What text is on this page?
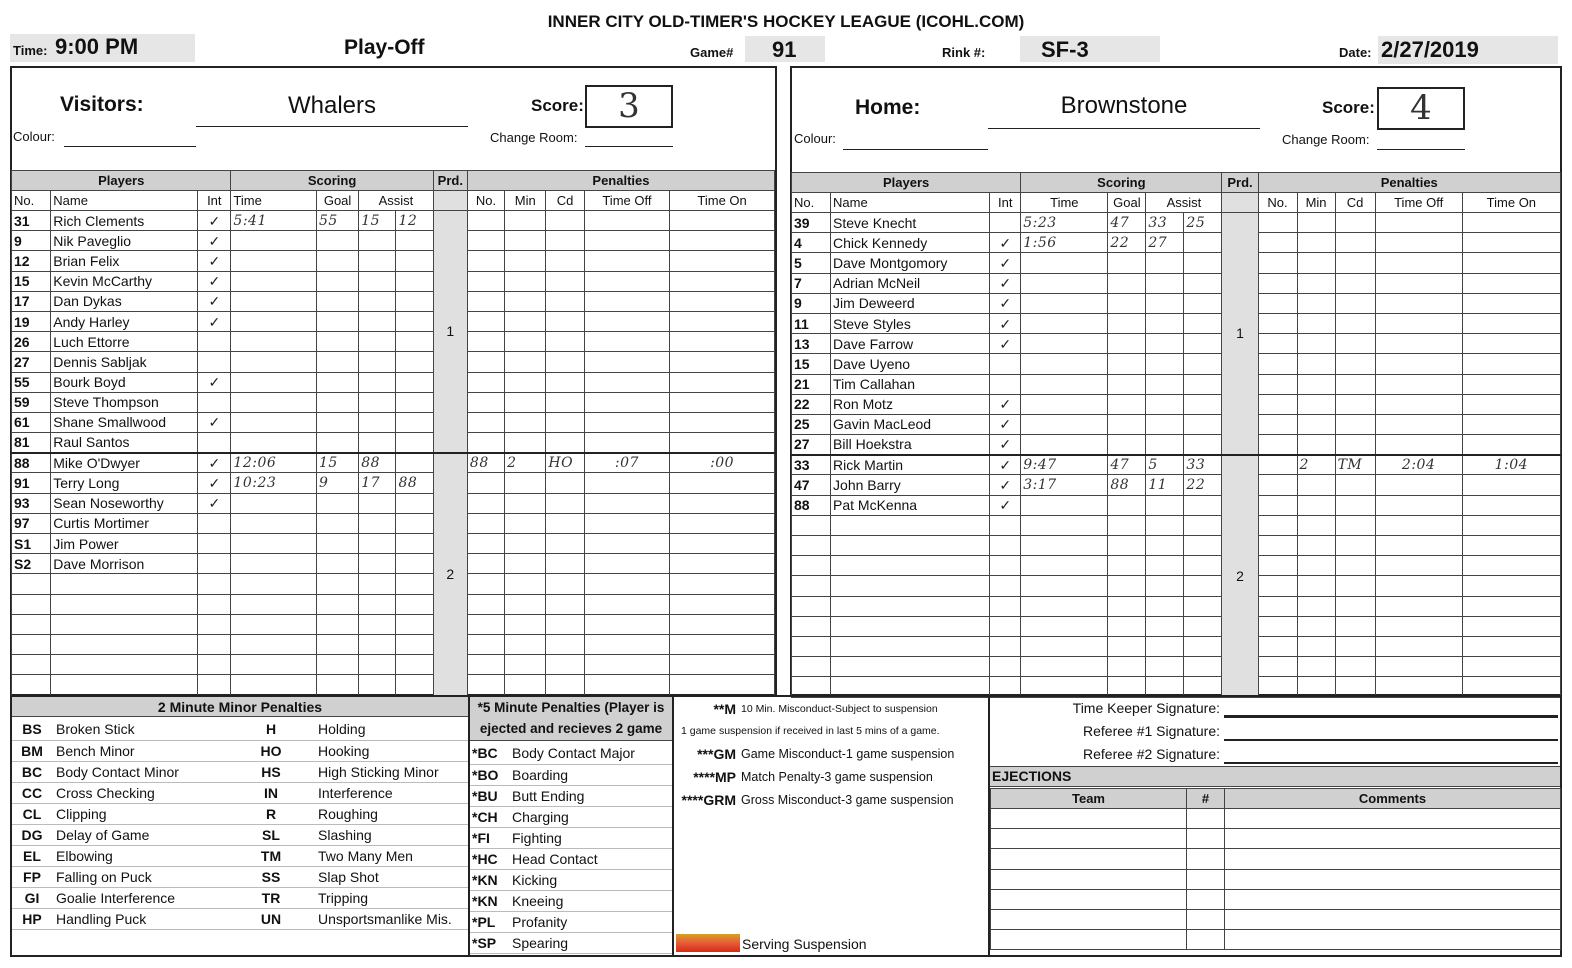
INNER CITY OLD-TIMER'S HOCKEY LEAGUE (ICOHL.COM)
Time: 9:00 PM	Play-Off	Game# 91	Rink #:	SF-3	Date: 2/27/2019
Visitors:	Whalers
Colour:
Score:	3
Change Room:
Players			Scoring				Prd.	Penalties				
No.	Name	Int	Time	Goal	Assist			No.	Min	Cd	Time Off	Time On
31	Rich Clements	✓	5:41	55	15	12	1					
9	Nik Paveglio	✓										
12	Brian Felix	✓										
15	Kevin McCarthy	✓										
17	Dan Dykas	✓										
19	Andy Harley	✓										
26	Luch Ettorre											
27	Dennis Sabljak											
55	Bourk Boyd	✓										
59	Steve Thompson											
61	Shane Smallwood	✓										
81	Raul Santos											
88	Mike O'Dwyer	✓	12:06	15	88		2	88	2	HO	:07	:00
91	Terry Long	✓	10:23	9	17	88						
93	Sean Noseworthy	✓										
97	Curtis Mortimer											
S1	Jim Power											
S2	Dave Morrison											

Home:	Brownstone
Colour:
Score:	4
Change Room:
Players			Scoring				Prd.	Penalties				
No.	Name	Int	Time	Goal	Assist			No.	Min	Cd	Time Off	Time On
39	Steve Knecht		5:23	47	33	25	1					
4	Chick Kennedy	✓	1:56	22	27							
5	Dave Montgomory	✓										
7	Adrian McNeil	✓										
9	Jim Deweerd	✓										
11	Steve Styles	✓										
13	Dave Farrow	✓										
15	Dave Uyeno											
21	Tim Callahan											
22	Ron Motz	✓										
25	Gavin MacLeod	✓										
27	Bill Hoekstra	✓										
33	Rick Martin	✓	9:47	47	5	33	2		2	TM	2:04	1:04
47	John Barry	✓	3:17	88	11	22						
88	Pat McKenna	✓										

2 Minute Minor Penalties
BS	Broken Stick	H	Holding
BM	Bench Minor	HO	Hooking
BC	Body Contact Minor	HS	High Sticking Minor
CC	Cross Checking	IN	Interference
CL	Clipping	R	Roughing
DG	Delay of Game	SL	Slashing
EL	Elbowing	TM	Two Many Men
FP	Falling on Puck	SS	Slap Shot
GI	Goalie Interference	TR	Tripping
HP	Handling Puck	UN	Unsportsmanlike Mis.
*5 Minute Penalties (Player is
ejected and recieves 2 game
*BC	Body Contact Major
*BO	Boarding
*BU	Butt Ending
*CH	Charging
*FI	Fighting
*HC	Head Contact
*KN	Kicking
*KN	Kneeing
*PL	Profanity
*SP	Spearing
**M 10 Min. Misconduct-Subject to suspension
1 game suspension if received in last 5 mins of a game.
***GM Game Misconduct-1 game suspension
****MP Match Penalty-3 game suspension
****GRM Gross Misconduct-3 game suspension
Serving Suspension
Time Keeper Signature:
Referee #1 Signature:
Referee #2 Signature:
EJECTIONS
Team	#	Comments
